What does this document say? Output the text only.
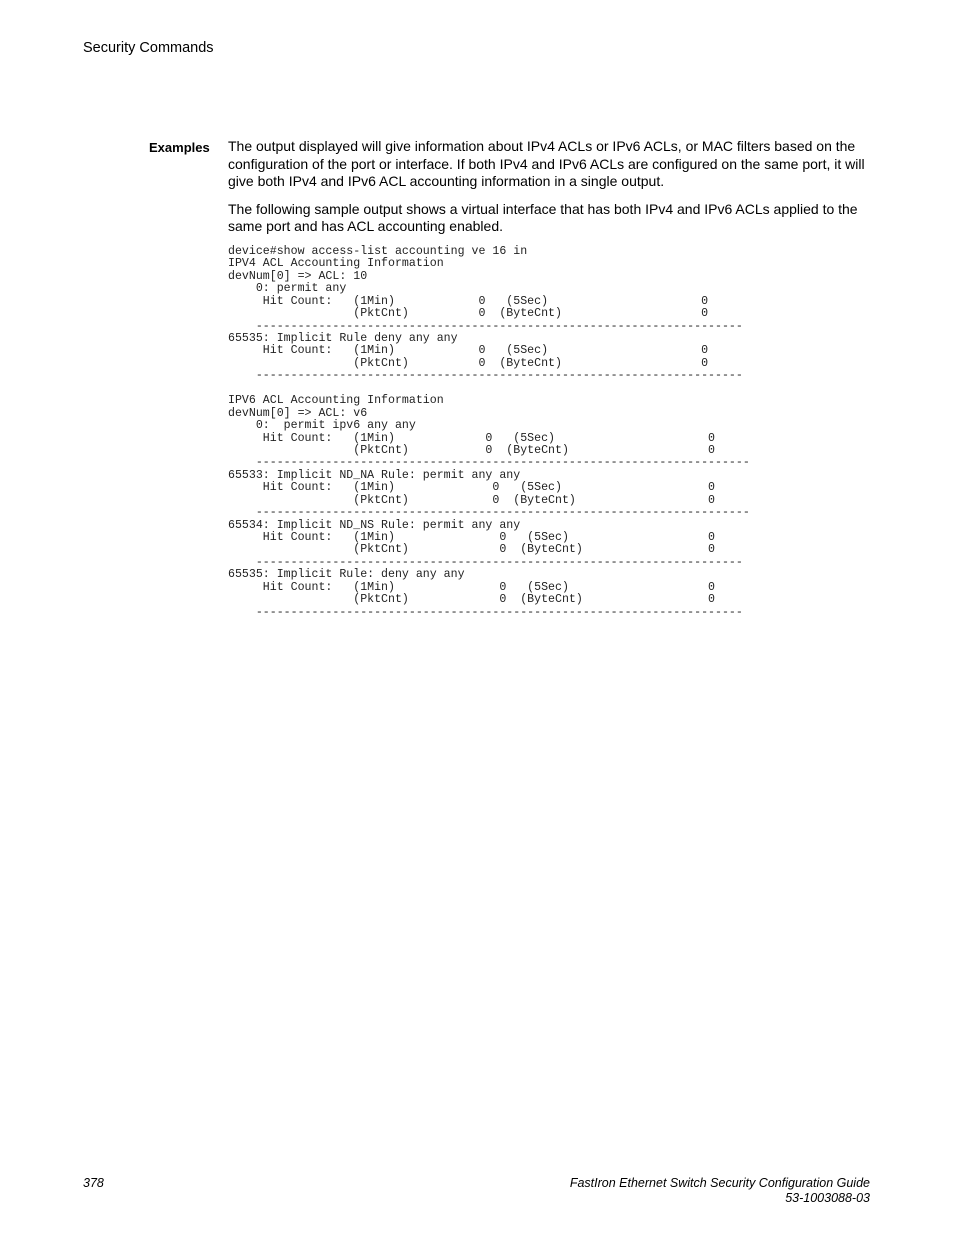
Security Commands
Examples The output displayed will give information about IPv4 ACLs or IPv6 ACLs, or MAC filters based on the configuration of the port or interface. If both IPv4 and IPv6 ACLs are configured on the same port, it will give both IPv4 and IPv6 ACL accounting information in a single output.

The following sample output shows a virtual interface that has both IPv4 and IPv6 ACLs applied to the same port and has ACL accounting enabled.

device#show access-list accounting ve 16 in
IPV4 ACL Accounting Information
devNum[0] => ACL: 10
0: permit any
Hit Count:   (1Min)            0   (5Sec)                      0
(PktCnt)          0  (ByteCnt)                    0
----------------------------------------------------------------------
65535: Implicit Rule deny any any
Hit Count:   (1Min)            0   (5Sec)                      0
(PktCnt)          0  (ByteCnt)                    0
----------------------------------------------------------------------
IPV6 ACL Accounting Information
devNum[0] => ACL: v6
0:  permit ipv6 any any
Hit Count:   (1Min)             0   (5Sec)                      0
(PktCnt)           0  (ByteCnt)                    0
-----------------------------------------------------------------------
65533: Implicit ND_NA Rule: permit any any
Hit Count:   (1Min)              0   (5Sec)                     0
(PktCnt)            0  (ByteCnt)                   0
-----------------------------------------------------------------------
65534: Implicit ND_NS Rule: permit any any
Hit Count:   (1Min)               0   (5Sec)                    0
(PktCnt)             0  (ByteCnt)                  0
----------------------------------------------------------------------
65535: Implicit Rule: deny any any
Hit Count:   (1Min)               0   (5Sec)                    0
(PktCnt)             0  (ByteCnt)                  0
----------------------------------------------------------------------
378	FastIron Ethernet Switch Security Configuration Guide
53-1003088-03
